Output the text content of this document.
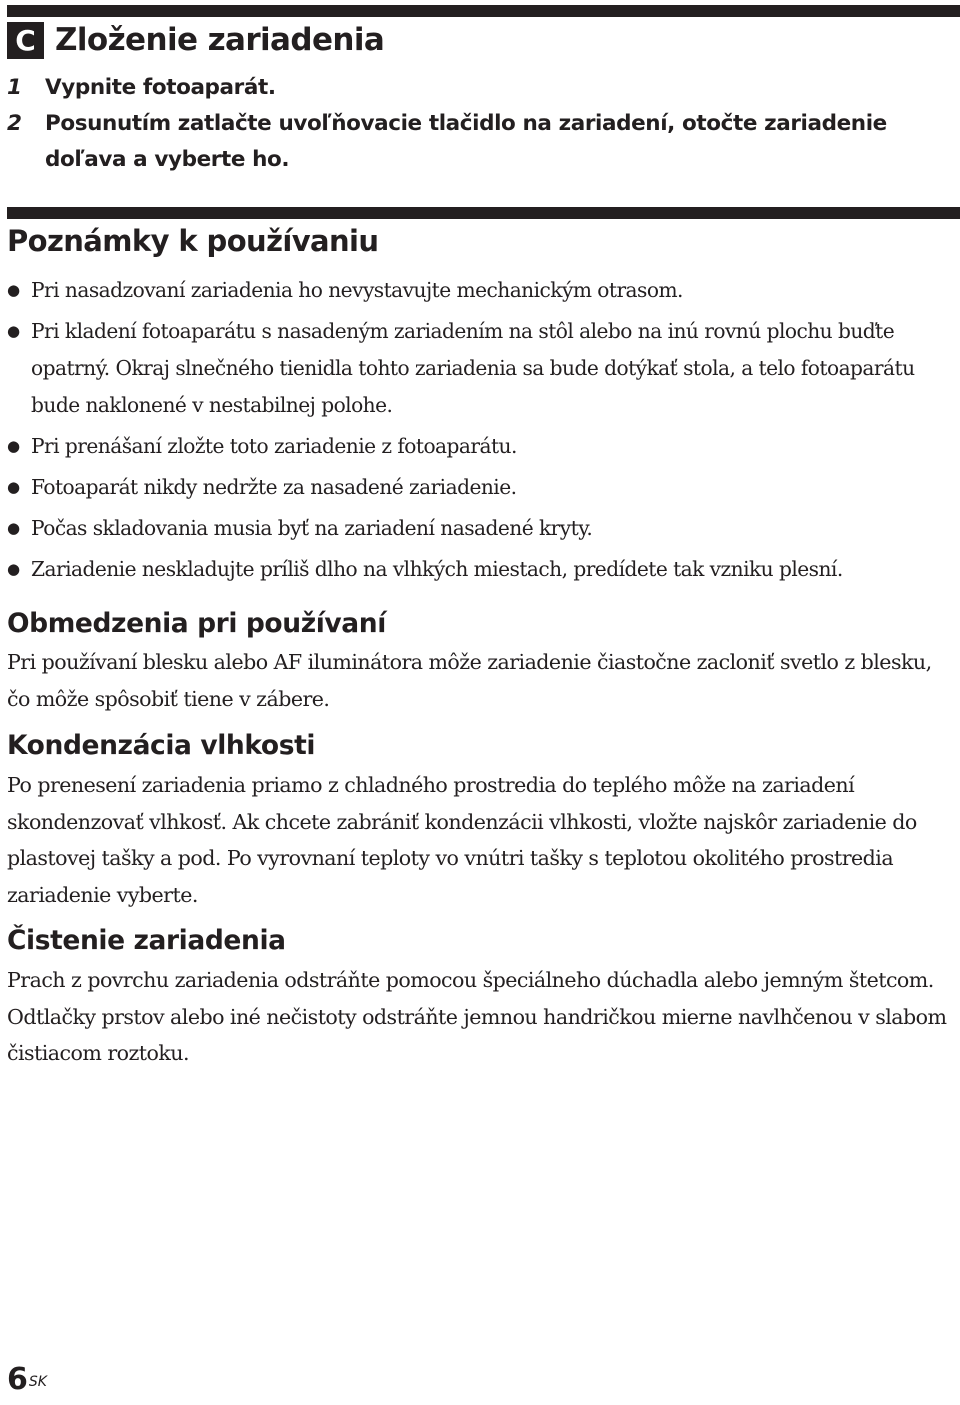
C Zloženie zariadenia
1	Vypnite fotoaparát.
2	Posunutím zatlačte uvoľňovacie tlačidlo na zariadení, otočte zariadenie doľava a vyberte ho.
Poznámky k používaniu
● Pri nasadzovaní zariadenia ho nevystavujte mechanickým otrasom.
● Pri kladení fotoaparátu s nasadeným zariadením na stôl alebo na inú rovnú plochu buďte opatrný. Okraj slnečného tienidla tohto zariadenia sa bude dotýkať stola, a telo fotoaparátu bude naklonené v nestabilnej polohe.
● Pri prenášaní zložte toto zariadenie z fotoaparátu.
● Fotoaparát nikdy nedržte za nasadené zariadenie.
● Počas skladovania musia byť na zariadení nasadené kryty.
● Zariadenie neskladujte príliš dlho na vlhkých miestach, predídete tak vzniku plesní.
Obmedzenia pri používaní

Pri používaní blesku alebo AF iluminátora môže zariadenie čiastočne zacloniť svetlo z blesku, čo môže spôsobiť tiene v zábere.

Kondenzácia vlhkosti

Po prenesení zariadenia priamo z chladného prostredia do teplého môže na zariadení skondenzovať vlhkosť. Ak chcete zabrániť kondenzácii vlhkosti, vložte najskôr zariadenie do plastovej tašky a pod. Po vyrovnaní teploty vo vnútri tašky s teplotou okolitého prostredia zariadenie vyberte.

Čistenie zariadenia

Prach z povrchu zariadenia odstráňte pomocou špeciálneho dúchadla alebo jemným štetcom. Odtlačky prstov alebo iné nečistoty odstráňte jemnou handričkou mierne navlhčenou v slabom čistiacom roztoku.

$6^{SK}$
